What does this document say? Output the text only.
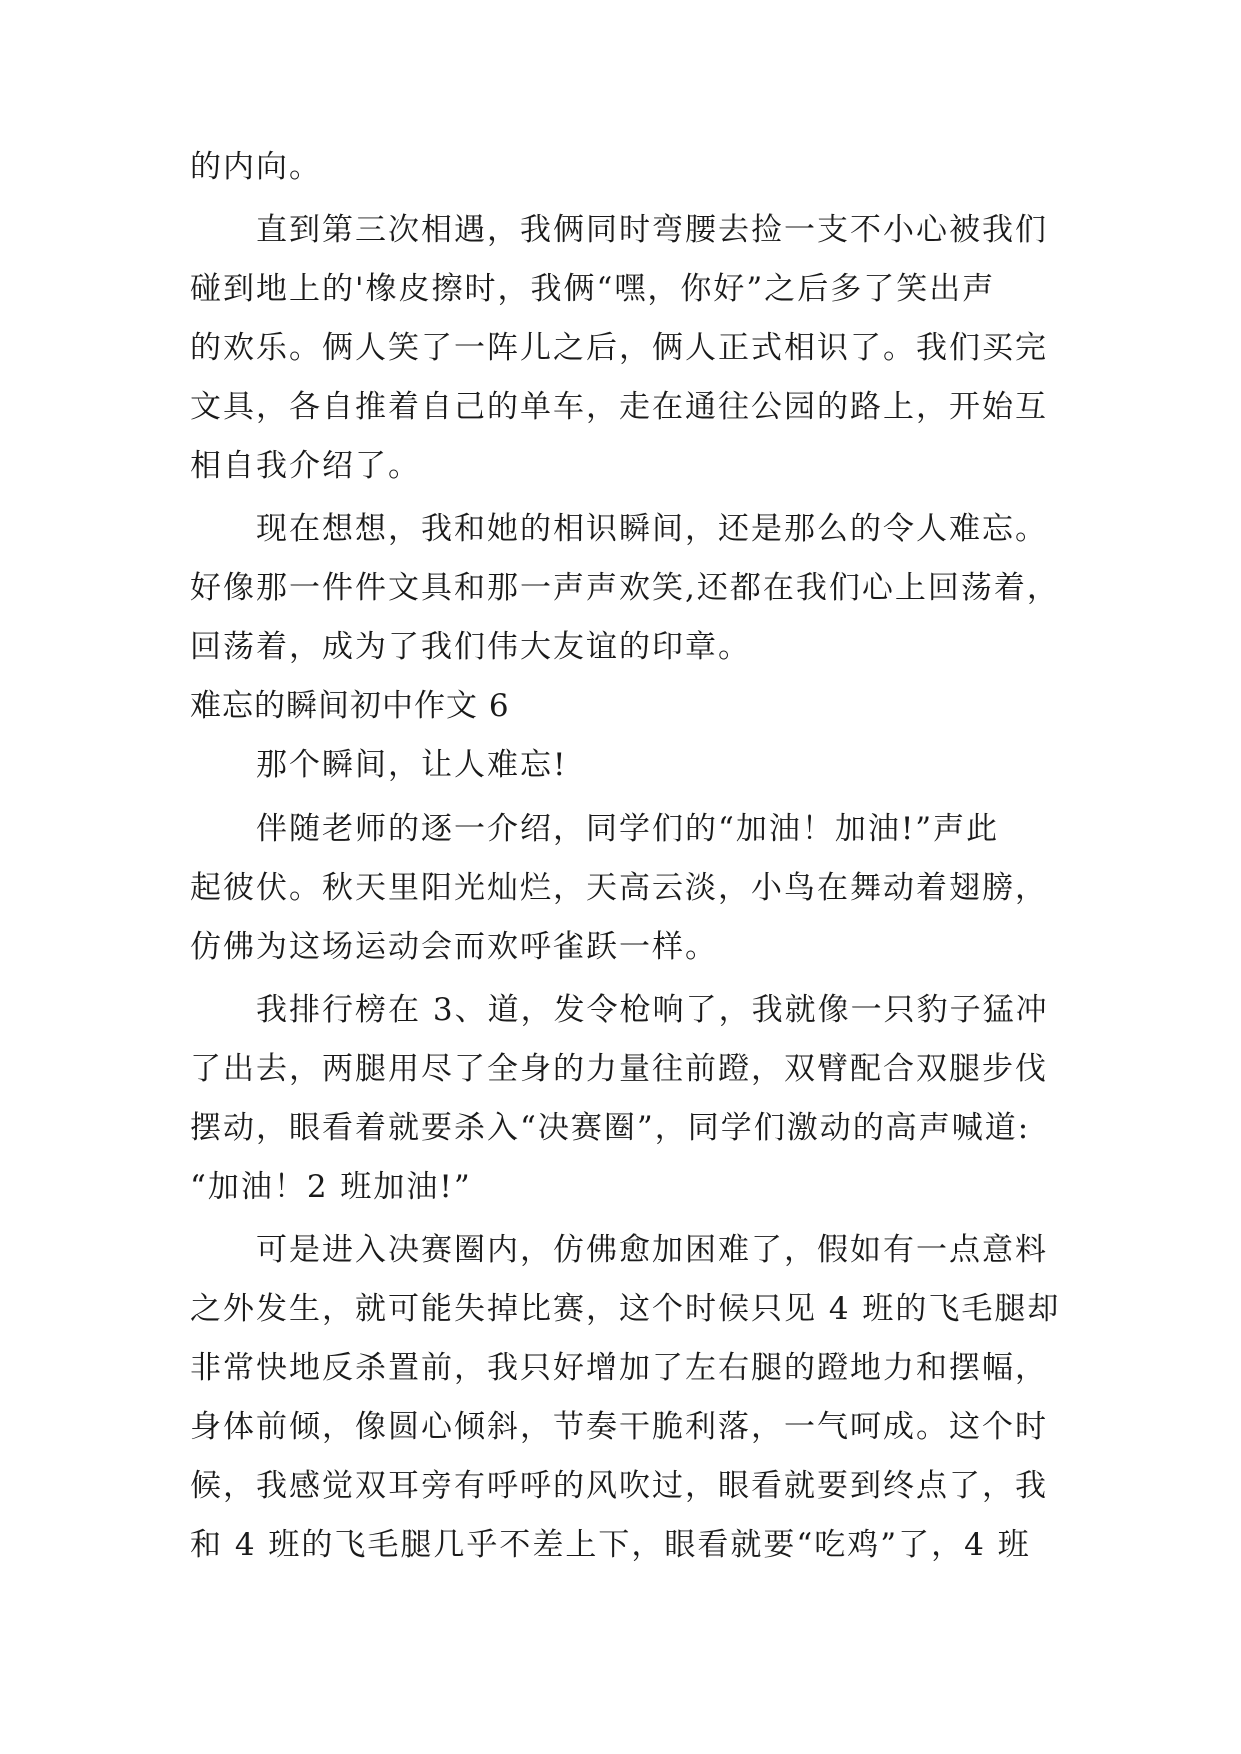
的内向。
直到第三次相遇，我俩同时弯腰去捡一支不小心被我们
碰到地上的'橡皮擦时，我俩“嘿，你好”之后多了笑出声
的欢乐。俩人笑了一阵儿之后，俩人正式相识了。我们买完
文具，各自推着自己的单车，走在通往公园的路上，开始互
相自我介绍了。
现在想想，我和她的相识瞬间，还是那么的令人难忘。
好像那一件件文具和那一声声欢笑,还都在我们心上回荡着，
回荡着，成为了我们伟大友谊的印章。
难忘的瞬间初中作文 6
那个瞬间，让人难忘!
伴随老师的逐一介绍，同学们的“加油！加油!”声此
起彼伏。秋天里阳光灿烂，天高云淡，小鸟在舞动着翅膀，
仿佛为这场运动会而欢呼雀跃一样。
我排行榜在 3、道，发令枪响了，我就像一只豹子猛冲
了出去，两腿用尽了全身的力量往前蹬，双臂配合双腿步伐
摆动，眼看着就要杀入“决赛圈”，同学们激动的高声喊道:
“加油！2 班加油!”
可是进入决赛圈内，仿佛愈加困难了，假如有一点意料
之外发生，就可能失掉比赛，这个时候只见 4 班的飞毛腿却
非常快地反杀置前，我只好增加了左右腿的蹬地力和摆幅，
身体前倾，像圆心倾斜，节奏干脆利落，一气呵成。这个时
候，我感觉双耳旁有呼呼的风吹过，眼看就要到终点了，我
和 4 班的飞毛腿几乎不差上下，眼看就要“吃鸡”了，4 班
